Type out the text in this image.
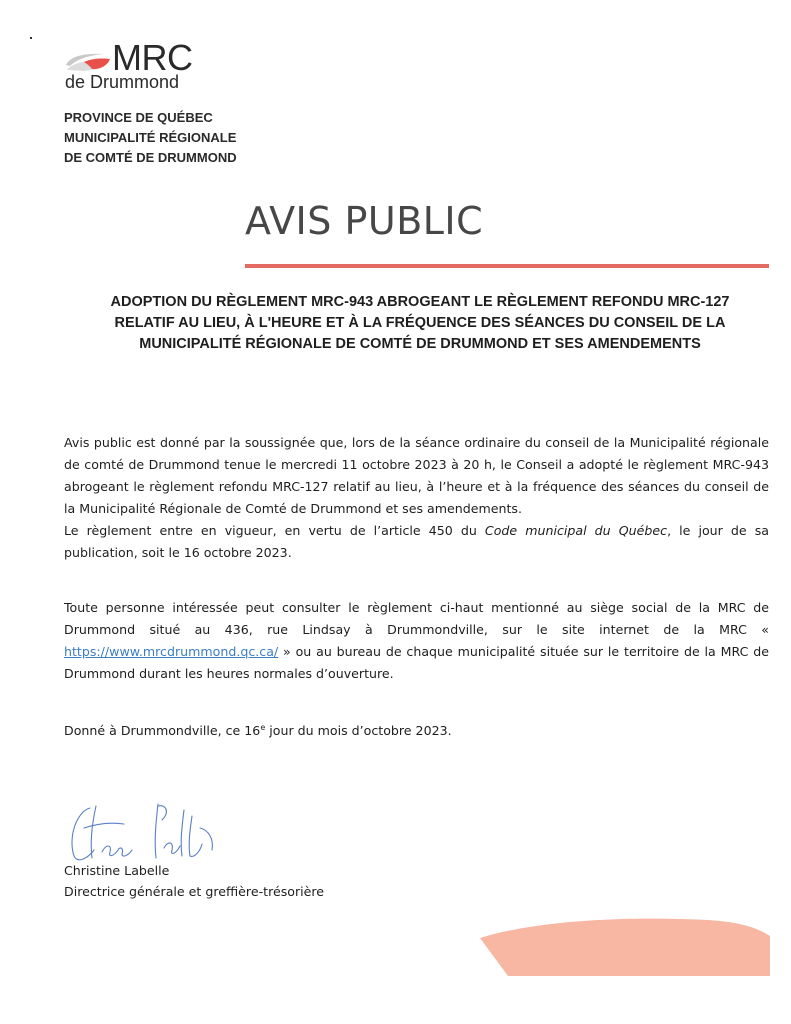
MRC
de Drummond
PROVINCE DE QUÉBEC
MUNICIPALITÉ RÉGIONALE
DE COMTÉ DE DRUMMOND
AVIS PUBLIC
ADOPTION DU RÈGLEMENT MRC-943 ABROGEANT LE RÈGLEMENT REFONDU MRC-127 RELATIF AU LIEU, À L'HEURE ET À LA FRÉQUENCE DES SÉANCES DU CONSEIL DE LA MUNICIPALITÉ RÉGIONALE DE COMTÉ DE DRUMMOND ET SES AMENDEMENTS
Avis public est donné par la soussignée que, lors de la séance ordinaire du conseil de la Municipalité régionale de comté de Drummond tenue le mercredi 11 octobre 2023 à 20 h, le Conseil a adopté le règlement MRC-943 abrogeant le règlement refondu MRC-127 relatif au lieu, à l’heure et à la fréquence des séances du conseil de la Municipalité Régionale de Comté de Drummond et ses amendements.
Le règlement entre en vigueur, en vertu de l’article 450 du Code municipal du Québec, le jour de sa publication, soit le 16 octobre 2023.
Toute personne intéressée peut consulter le règlement ci-haut mentionné au siège social de la MRC de Drummond situé au 436, rue Lindsay à Drummondville, sur le site internet de la MRC « https://www.mrcdrummond.qc.ca/ » ou au bureau de chaque municipalité située sur le territoire de la MRC de Drummond durant les heures normales d’ouverture.
Donné à Drummondville, ce 16e jour du mois d’octobre 2023.
Christine Labelle
Directrice générale et greffière-trésorière
